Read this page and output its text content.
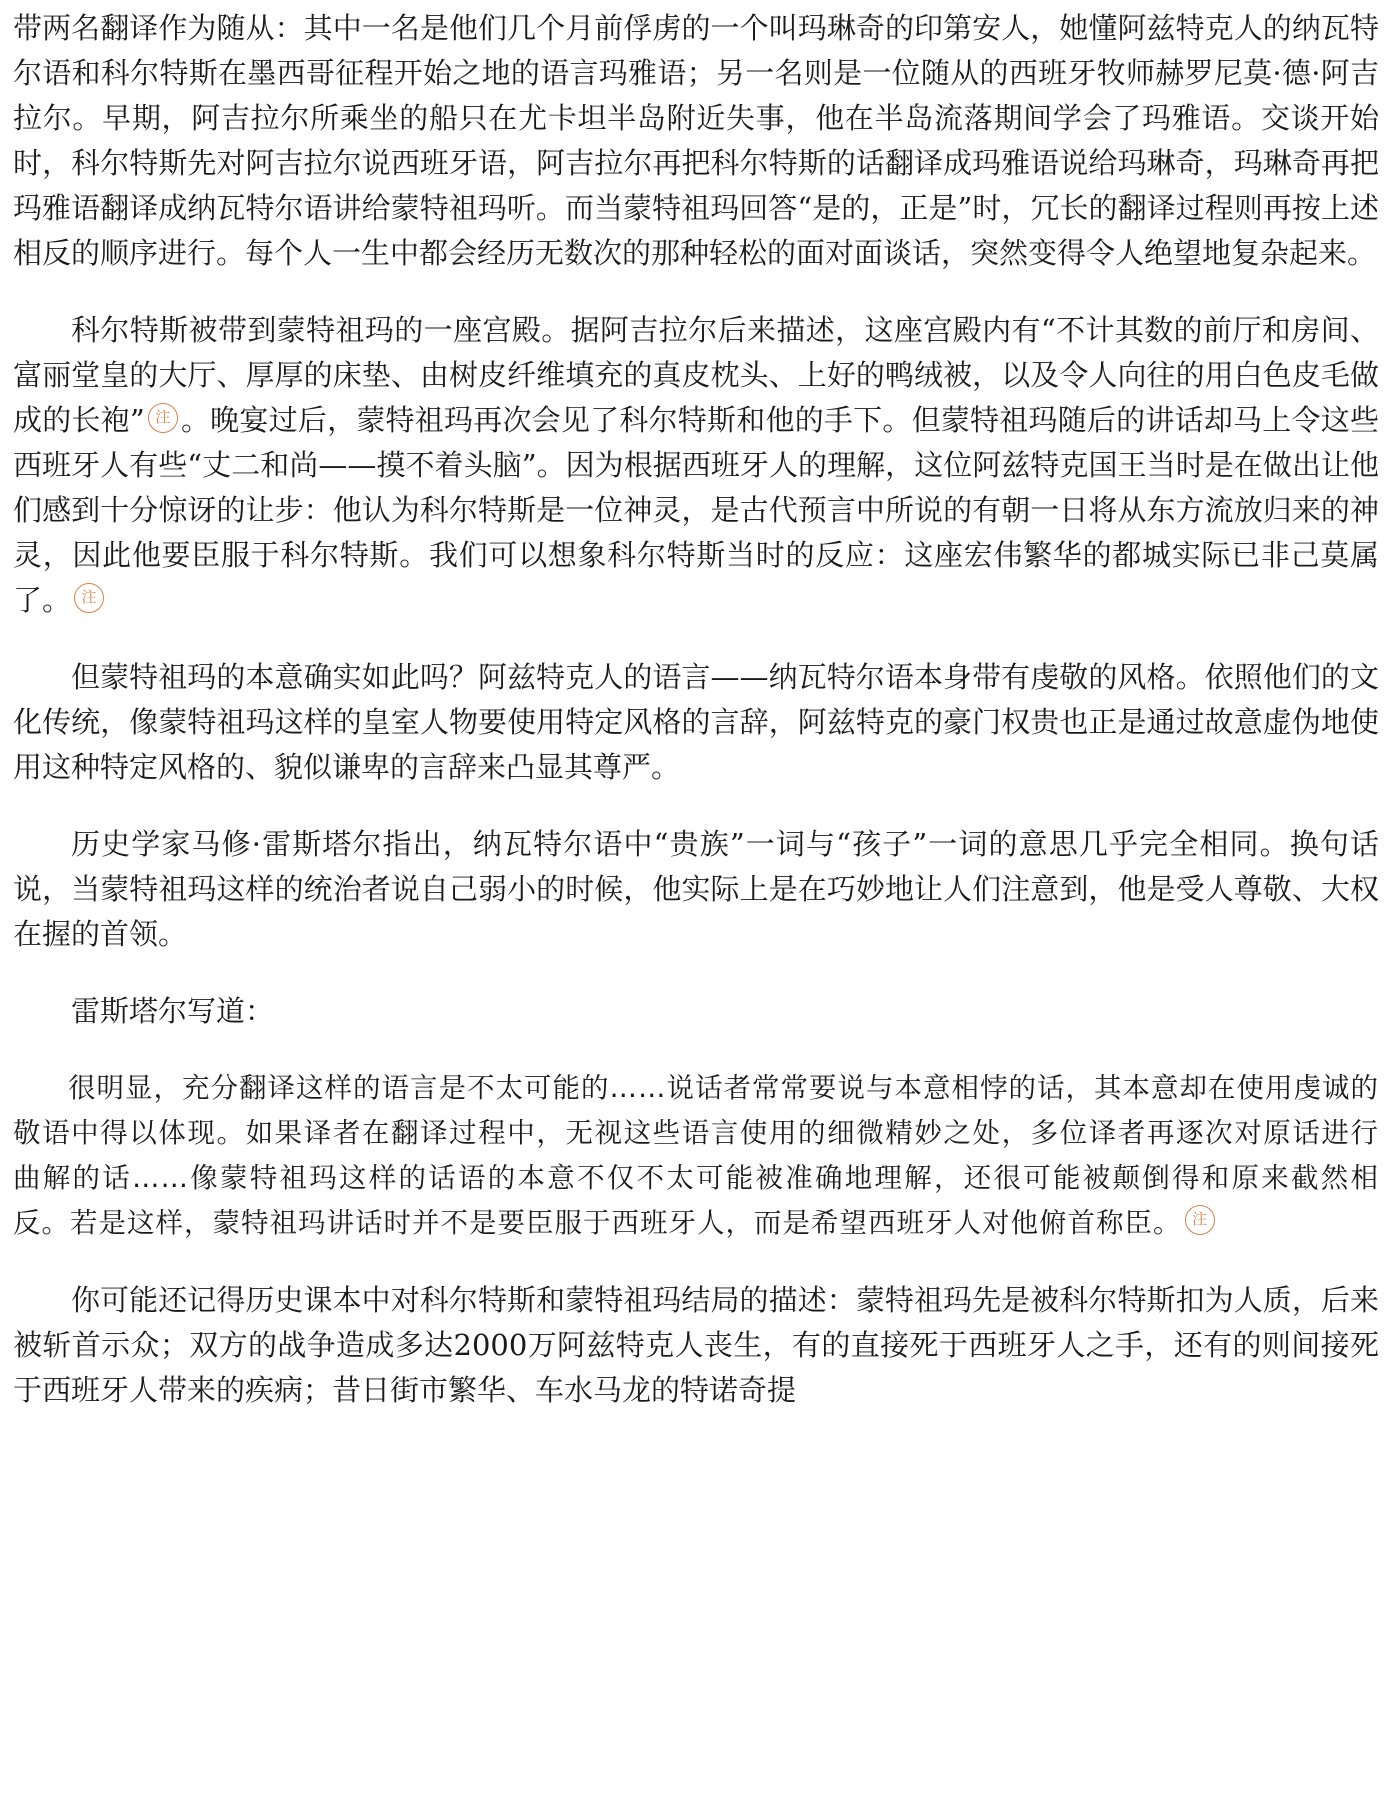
带两名翻译作为随从：其中一名是他们几个月前俘虏的一个叫玛琳奇的印第安人，她懂阿兹特克人的纳瓦特尔语和科尔特斯在墨西哥征程开始之地的语言玛雅语；另一名则是一位随从的西班牙牧师赫罗尼莫·德·阿吉拉尔。早期，阿吉拉尔所乘坐的船只在尤卡坦半岛附近失事，他在半岛流落期间学会了玛雅语。交谈开始时，科尔特斯先对阿吉拉尔说西班牙语，阿吉拉尔再把科尔特斯的话翻译成玛雅语说给玛琳奇，玛琳奇再把玛雅语翻译成纳瓦特尔语讲给蒙特祖玛听。而当蒙特祖玛回答“是的，正是”时，冗长的翻译过程则再按上述相反的顺序进行。每个人一生中都会经历无数次的那种轻松的面对面谈话，突然变得令人绝望地复杂起来。

科尔特斯被带到蒙特祖玛的一座宫殿。据阿吉拉尔后来描述，这座宫殿内有“不计其数的前厅和房间、富丽堂皇的大厅、厚厚的床垫、由树皮纤维填充的真皮枕头、上好的鸭绒被，以及令人向往的用白色皮毛做成的长袍” 注 。晚宴过后，蒙特祖玛再次会见了科尔特斯和他的手下。但蒙特祖玛随后的讲话却马上令这些西班牙人有些“丈二和尚——摸不着头脑”。因为根据西班牙人的理解，这位阿兹特克国王当时是在做出让他们感到十分惊讶的让步：他认为科尔特斯是一位神灵，是古代预言中所说的有朝一日将从东方流放归来的神灵，因此他要臣服于科尔特斯。我们可以想象科尔特斯当时的反应：这座宏伟繁华的都城实际已非己莫属了。 注

但蒙特祖玛的本意确实如此吗？阿兹特克人的语言——纳瓦特尔语本身带有虔敬的风格。依照他们的文化传统，像蒙特祖玛这样的皇室人物要使用特定风格的言辞，阿兹特克的豪门权贵也正是通过故意虚伪地使用这种特定风格的、貌似谦卑的言辞来凸显其尊严。

历史学家马修·雷斯塔尔指出，纳瓦特尔语中“贵族”一词与“孩子”一词的意思几乎完全相同。换句话说，当蒙特祖玛这样的统治者说自己弱小的时候，他实际上是在巧妙地让人们注意到，他是受人尊敬、大权在握的首领。

雷斯塔尔写道：

很明显，充分翻译这样的语言是不太可能的……说话者常常要说与本意相悖的话，其本意却在使用虔诚的敬语中得以体现。如果译者在翻译过程中，无视这些语言使用的细微精妙之处，多位译者再逐次对原话进行曲解的话……像蒙特祖玛这样的话语的本意不仅不太可能被准确地理解，还很可能被颠倒得和原来截然相反。若是这样，蒙特祖玛讲话时并不是要臣服于西班牙人，而是希望西班牙人对他俯首称臣。 注

你可能还记得历史课本中对科尔特斯和蒙特祖玛结局的描述：蒙特祖玛先是被科尔特斯扣为人质，后来被斩首示众；双方的战争造成多达2000万阿兹特克人丧生，有的直接死于西班牙人之手，还有的则间接死于西班牙人带来的疾病；昔日街市繁华、车水马龙的特诺奇提
